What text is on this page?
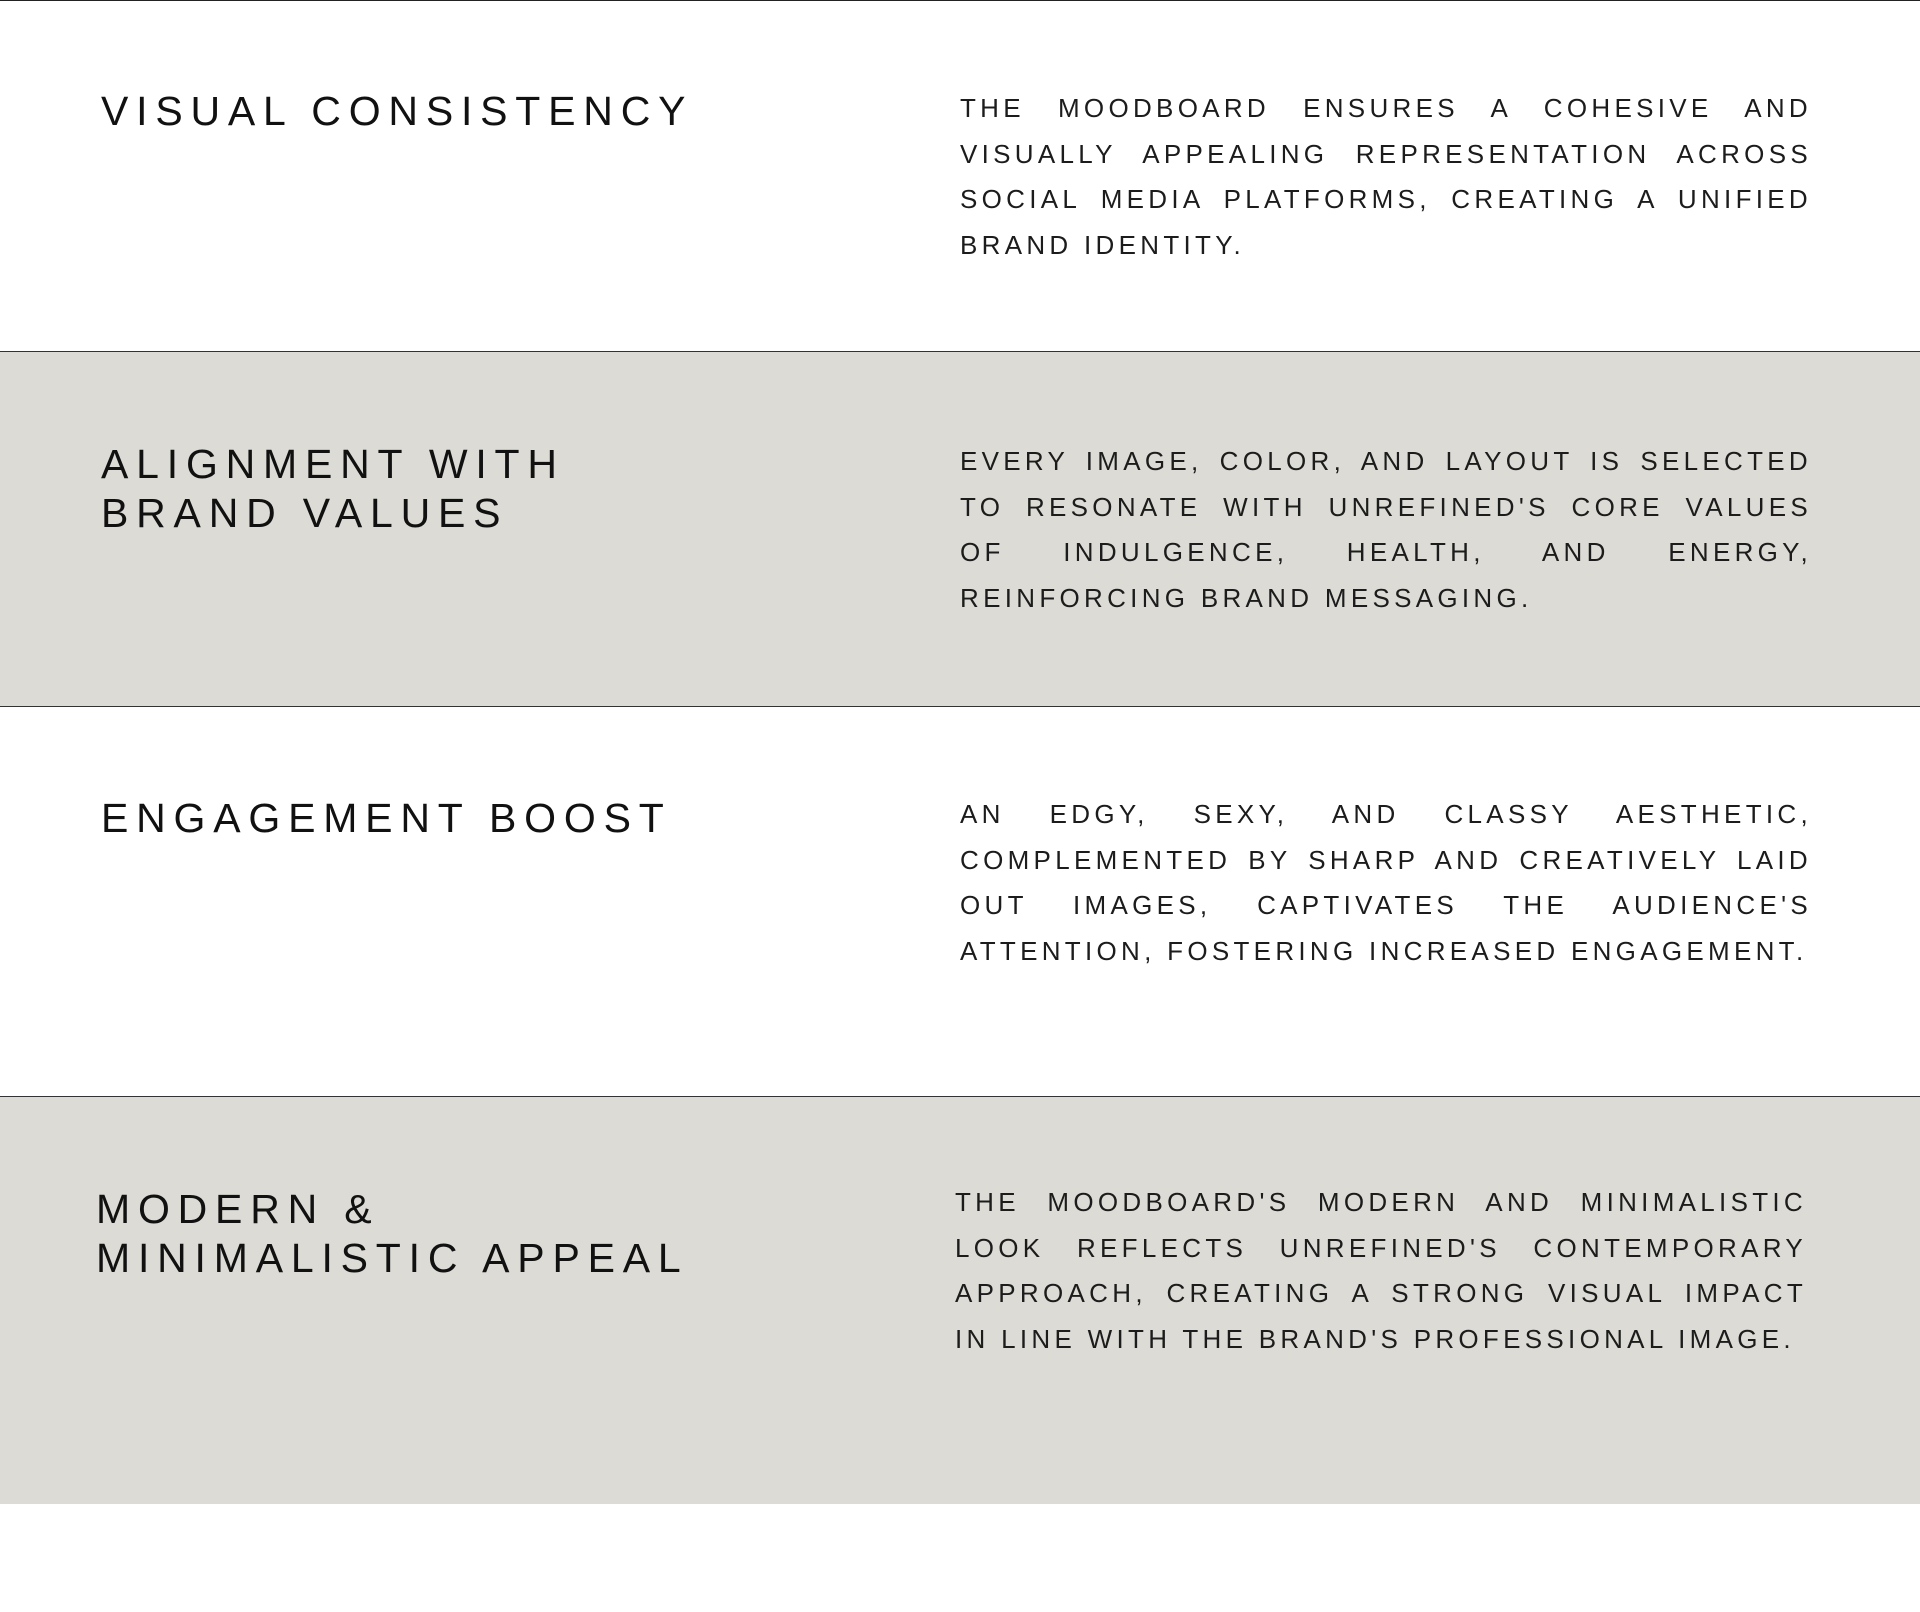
VISUAL CONSISTENCY	THE MOODBOARD ENSURES A COHESIVE AND VISUALLY APPEALING REPRESENTATION ACROSS SOCIAL MEDIA PLATFORMS, CREATING A UNIFIED BRAND IDENTITY.

ALIGNMENT WITH
BRAND VALUES

EVERY IMAGE, COLOR, AND LAYOUT IS SELECTED TO RESONATE WITH UNREFINED'S CORE VALUES OF INDULGENCE, HEALTH, AND ENERGY, REINFORCING BRAND MESSAGING.

ENGAGEMENT BOOST	AN EDGY, SEXY, AND CLASSY AESTHETIC, COMPLEMENTED BY SHARP AND CREATIVELY LAID OUT IMAGES, CAPTIVATES THE AUDIENCE'S ATTENTION, FOSTERING INCREASED ENGAGEMENT.

MODERN &
MINIMALISTIC APPEAL

THE MOODBOARD'S MODERN AND MINIMALISTIC LOOK REFLECTS UNREFINED'S CONTEMPORARY APPROACH, CREATING A STRONG VISUAL IMPACT IN LINE WITH THE BRAND'S PROFESSIONAL IMAGE.
